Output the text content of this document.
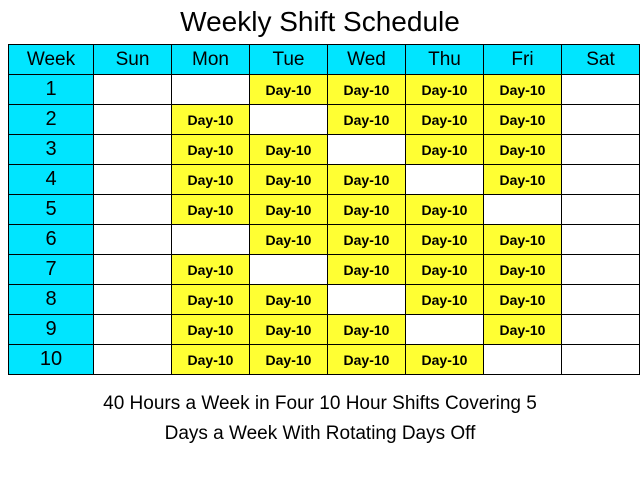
Weekly Shift Schedule
Week	Sun	Mon	Tue	Wed	Thu	Fri	Sat
1			Day-10	Day-10	Day-10	Day-10	
2		Day-10		Day-10	Day-10	Day-10	
3		Day-10	Day-10		Day-10	Day-10	
4		Day-10	Day-10	Day-10		Day-10	
5		Day-10	Day-10	Day-10	Day-10		
6			Day-10	Day-10	Day-10	Day-10	
7		Day-10		Day-10	Day-10	Day-10	
8		Day-10	Day-10		Day-10	Day-10	
9		Day-10	Day-10	Day-10		Day-10	
10		Day-10	Day-10	Day-10	Day-10		
40 Hours a Week in Four 10 Hour Shifts Covering 5
Days a Week With Rotating Days Off
